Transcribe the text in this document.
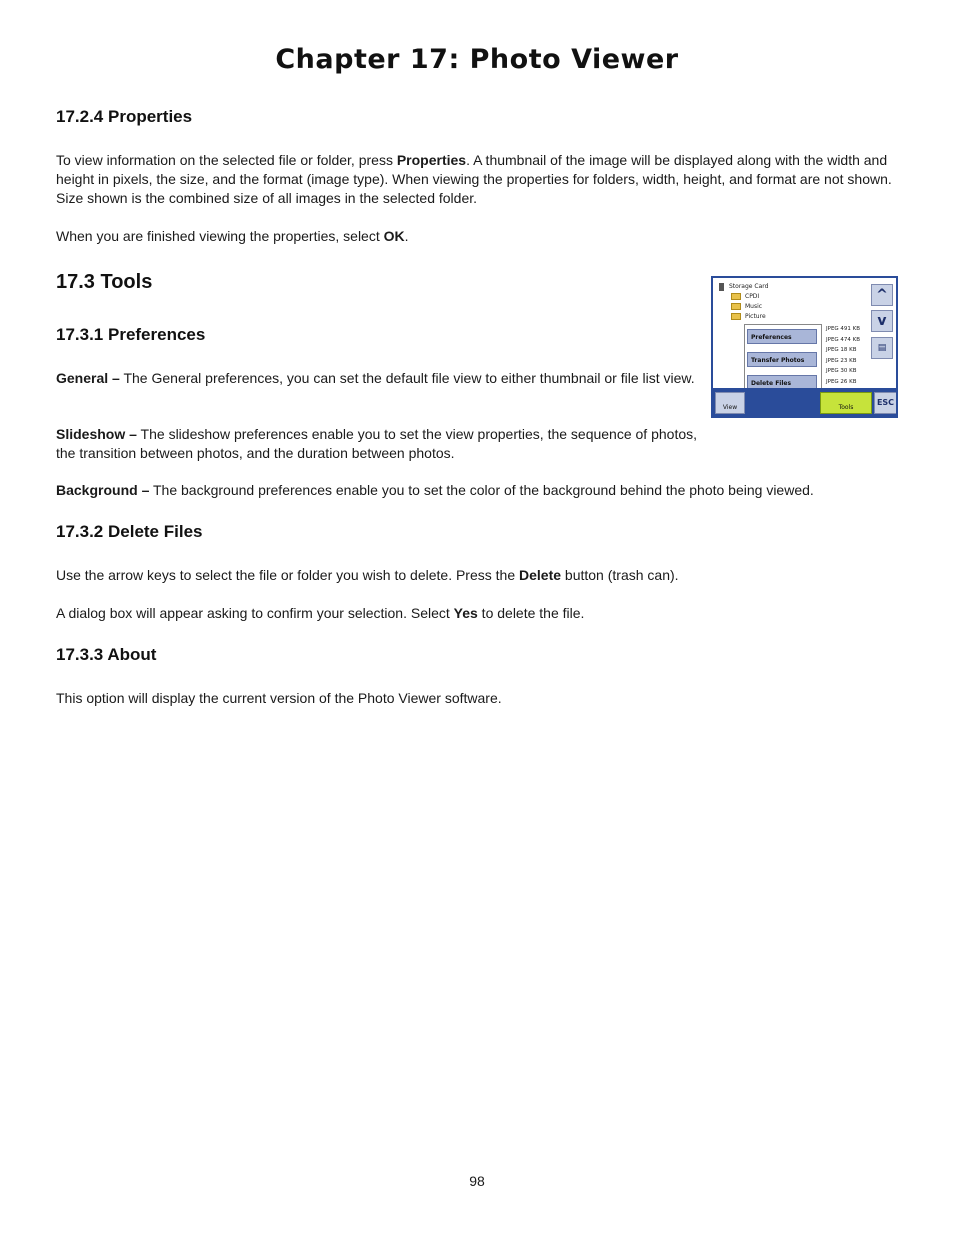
Chapter 17: Photo Viewer
17.2.4 Properties
To view information on the selected file or folder, press Properties. A thumbnail of the image will be displayed along with the width and height in pixels, the size, and the format (image type). When viewing the properties for folders, width, height, and format are not shown. Size shown is the combined size of all images in the selected folder.
When you are finished viewing the properties, select OK.
17.3 Tools
17.3.1 Preferences
General – The General preferences, you can set the default file view to either thumbnail or file list view.
Slideshow – The slideshow preferences enable you to set the view properties, the sequence of photos, the transition between photos, and the duration between photos.
Background – The background preferences enable you to set the color of the background behind the photo being viewed.
17.3.2 Delete Files
Use the arrow keys to select the file or folder you wish to delete. Press the Delete button (trash can).
A dialog box will appear asking to confirm your selection. Select Yes to delete the file.
17.3.3 About
This option will display the current version of the Photo Viewer software.
Storage Card
CPDI
Music
Picture
Preferences
Transfer Photos
Delete Files
JPEG 491 KB
JPEG 474 KB
JPEG 18 KB
JPEG 23 KB
JPEG 30 KB
JPEG 26 KB
^
v
▤
View	Tools
ESC
98
